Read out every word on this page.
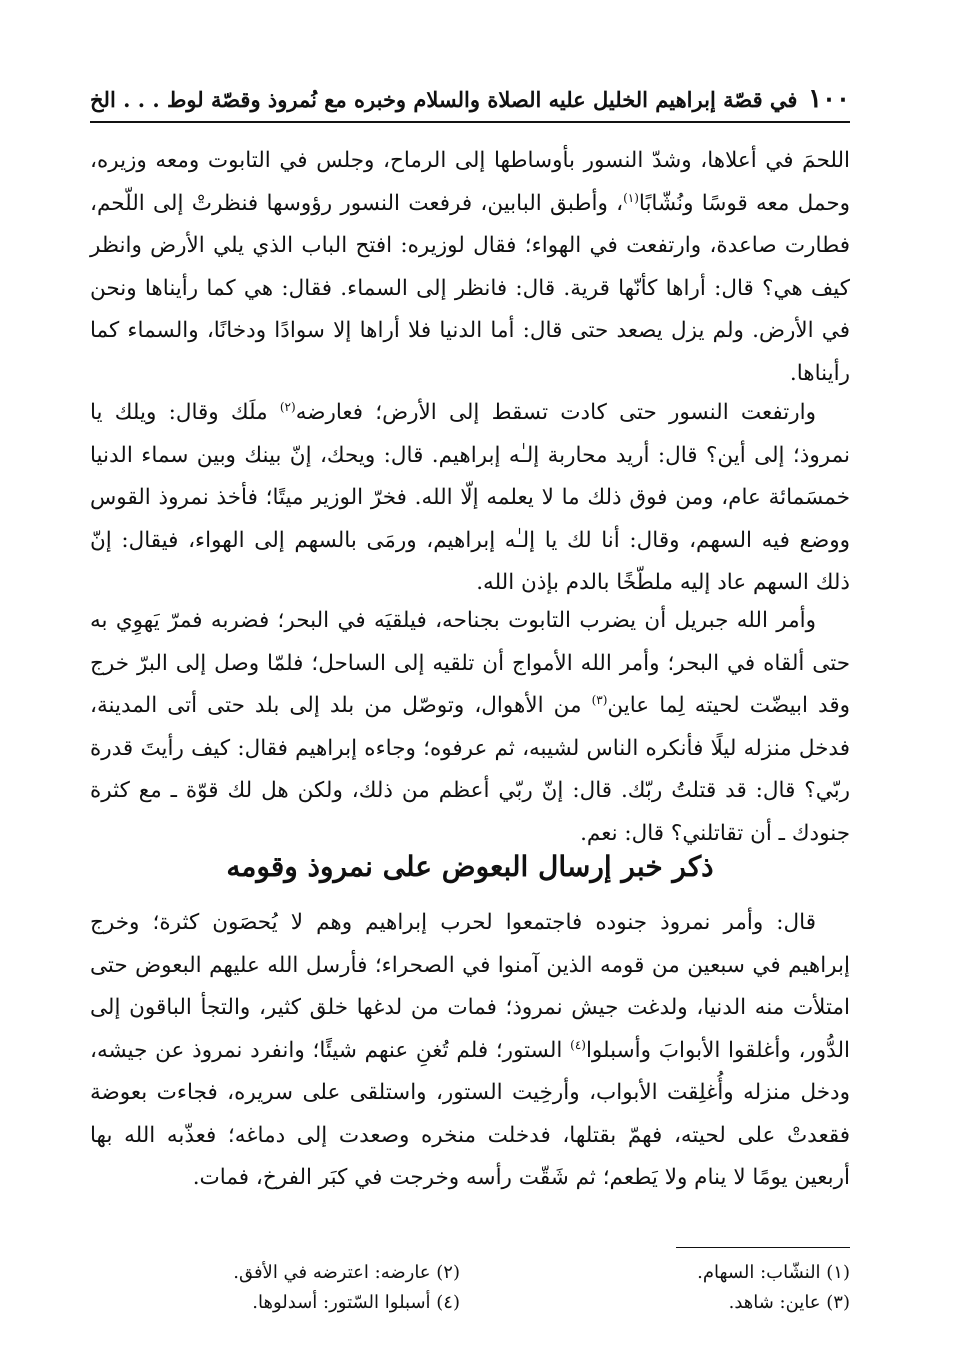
١٠٠
في قصّة إبراهيم الخليل عليه الصلاة والسلام وخبره مع نُمروذ وقصّة لوط . . . الخ

اللحمَ في أعلاها، وشدّ النسور بأوساطها إلى الرماح، وجلس في التابوت ومعه وزيره، وحمل معه قوسًا ونُشّابًا$^{(١)}$، وأطبق البابين، فرفعت النسور رؤوسها فنظرتْ إلى اللّحم، فطارت صاعدة، وارتفعت في الهواء؛ فقال لوزيره: افتح الباب الذي يلي الأرض وانظر كيف هي؟ قال: أراها كأنّها قرية. قال: فانظر إلى السماء. فقال: هي كما رأيناها ونحن في الأرض. ولم يزل يصعد حتى قال: أما الدنيا فلا أراها إلا سوادًا ودخانًا، والسماء كما رأيناها.

وارتفعت النسور حتى كادت تسقط إلى الأرض؛ فعارضه$^{(٢)}$ ملَك وقال: ويلك يا نمروذ؛ إلى أين؟ قال: أريد محاربة إلـٰه إبراهيم. قال: ويحك، إنّ بينك وبين سماء الدنيا خمسَمائة عام، ومن فوق ذلك ما لا يعلمه إلّا الله. فخرّ الوزير ميتًا؛ فأخذ نمروذ القوس ووضع فيه السهم، وقال: أنا لك يا إلـٰه إبراهيم، ورمَى بالسهم إلى الهواء، فيقال: إنّ ذلك السهم عاد إليه ملطّخًا بالدم بإذن الله.

وأمر الله جبريل أن يضرب التابوت بجناحه، فيلقيَه في البحر؛ فضربه فمرّ يَهوِي به حتى ألقاه في البحر؛ وأمر الله الأمواج أن تلقيه إلى الساحل؛ فلمّا وصل إلى البرّ خرج وقد ابيضّت لحيته لِما عاين$^{(٣)}$ من الأهوال، وتوصّل من بلد إلى بلد حتى أتى المدينة، فدخل منزله ليلًا فأنكره الناس لشيبه، ثم عرفوه؛ وجاءه إبراهيم فقال: كيف رأيتَ قدرة ربّي؟ قال: قد قتلتُ ربّك. قال: إنّ ربّي أعظم من ذلك، ولكن هل لك قوّة ـ مع كثرة جنودك ـ أن تقاتلني؟ قال: نعم.

ذكر خبر إرسال البعوض على نمروذ وقومه

قال: وأمر نمروذ جنوده فاجتمعوا لحرب إبراهيم وهم لا يُحصَون كثرة؛ وخرج إبراهيم في سبعين من قومه الذين آمنوا في الصحراء؛ فأرسل الله عليهم البعوض حتى امتلأت منه الدنيا، ولدغت جيش نمروذ؛ فمات من لدغها خلق كثير، والتجأ الباقون إلى الدُّور، وأغلقوا الأبوابَ وأسبلوا$^{(٤)}$ الستور؛ فلم تُغنِ عنهم شيئًا؛ وانفرد نمروذ عن جيشه، ودخل منزله وأُغلِقت الأبواب، وأرخِيت الستور، واستلقى على سريره، فجاءت بعوضة فقعدتْ على لحيته، فهمّ بقتلها، فدخلت منخره وصعدت إلى دماغه؛ فعذّبه الله بها أربعين يومًا لا ينام ولا يَطعم؛ ثم شَقّت رأسه وخرجت في كبَر الفرخ، فمات.

(١) النشّاب: السهام.
(٢) عارضه: اعترضه في الأفق.
(٣) عاين: شاهد.
(٤) أسبلوا السّتور: أسدلوها.
